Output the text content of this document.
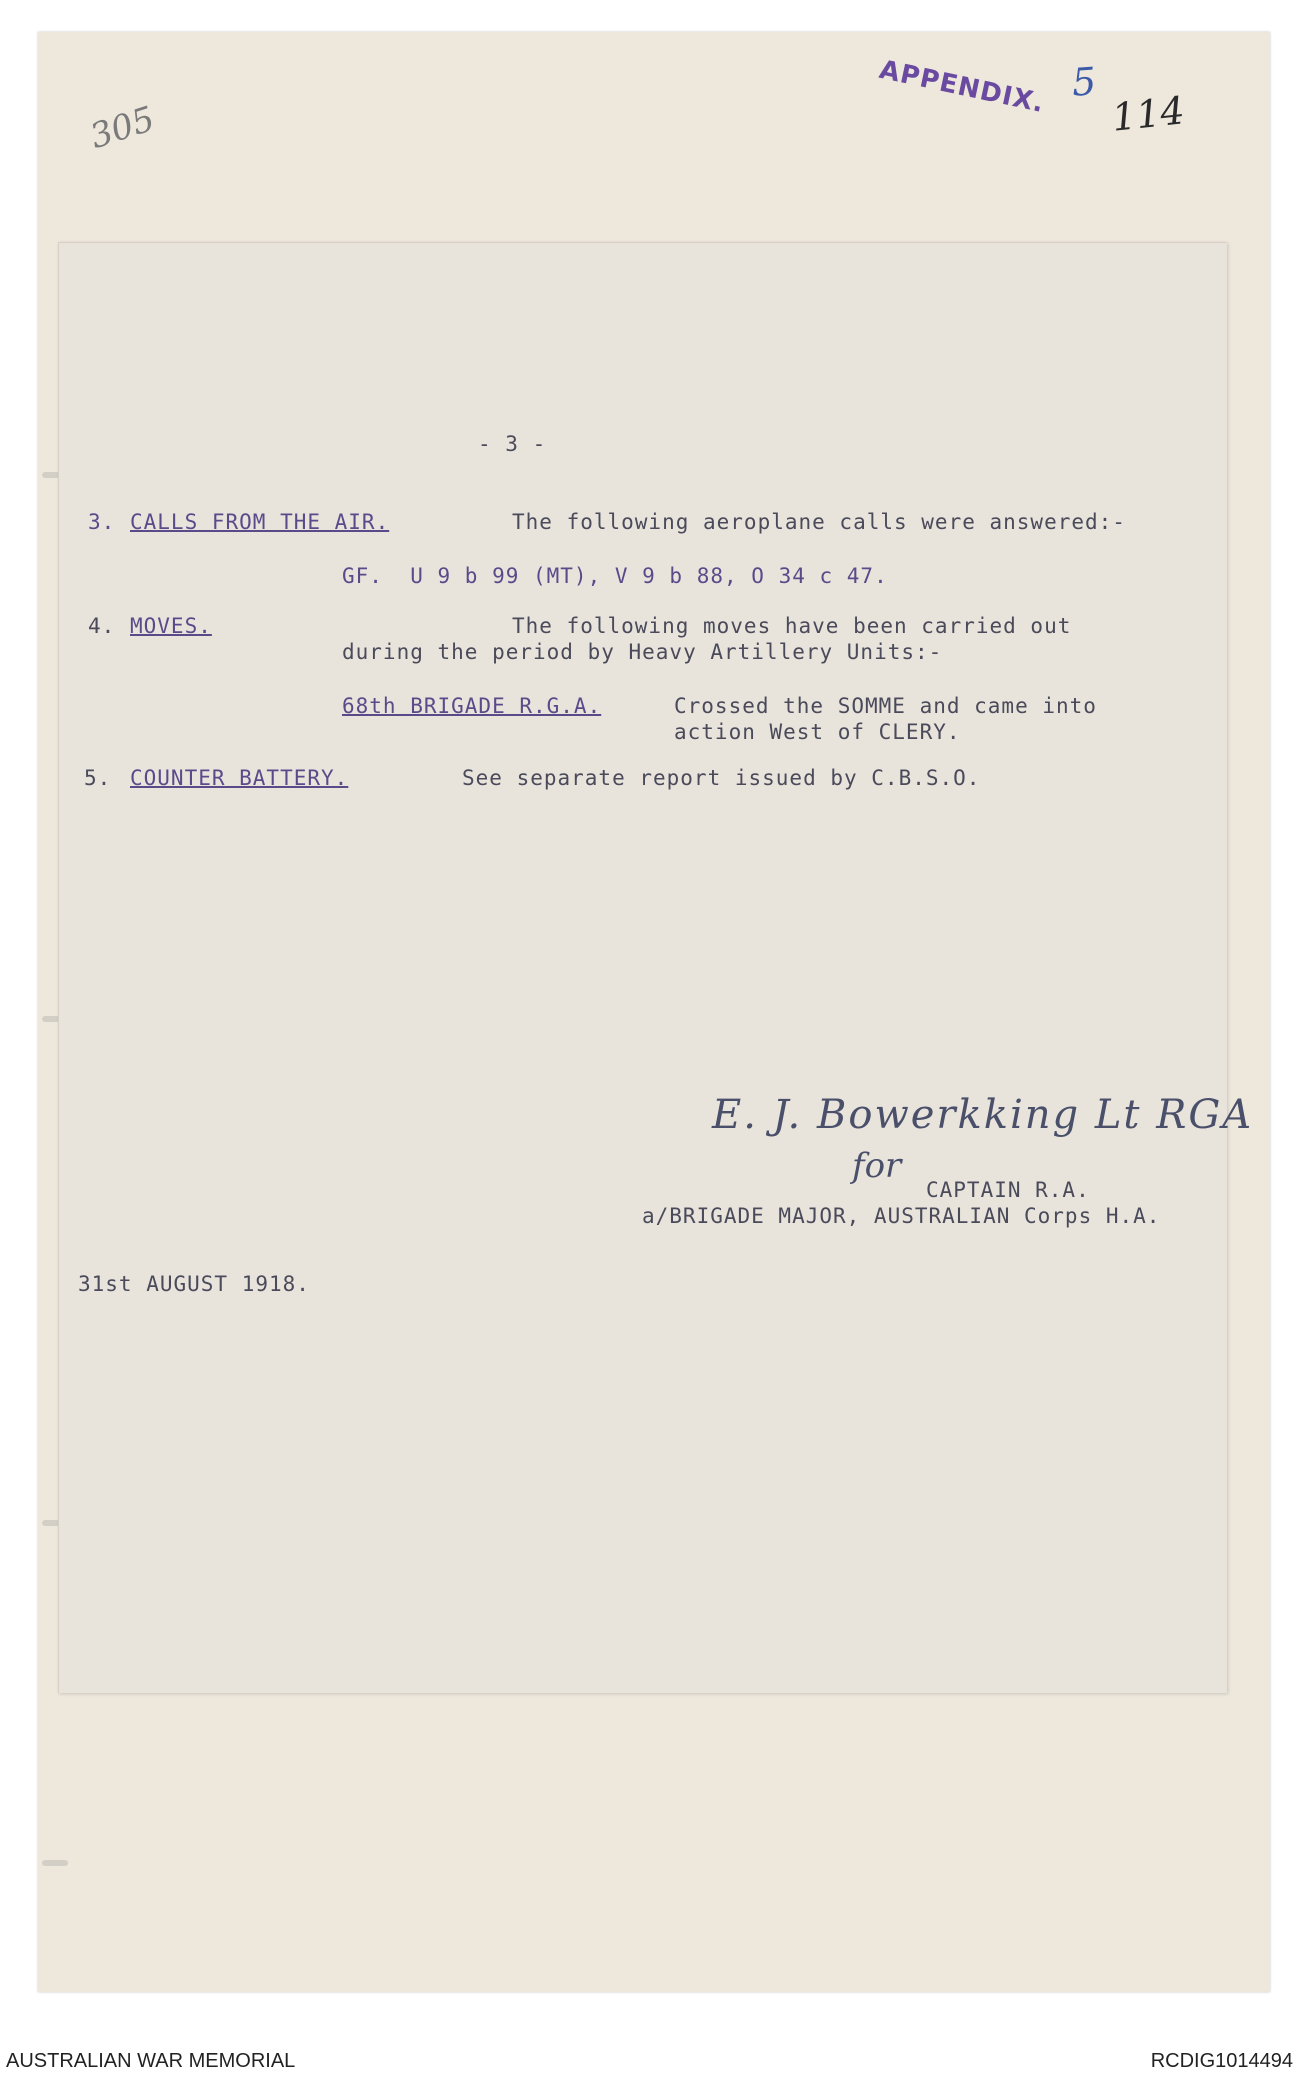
APPENDIX. 5
114
305
- 3 -
3. CALLS FROM THE AIR.	The following aeroplane calls were answered:-
GF.  U 9 b 99 (MT), V 9 b 88, O 34 c 47.
4. MOVES.	The following moves have been carried out
during the period by Heavy Artillery Units:-
68th BRIGADE R.G.A.	Crossed the SOMME and came into
action West of CLERY.
5. COUNTER BATTERY.	See separate report issued by C.B.S.O.
E. J. Bowerkking Lt RGA
for
CAPTAIN R.A.
a/BRIGADE MAJOR, AUSTRALIAN Corps H.A.
31st AUGUST 1918.
AUSTRALIAN WAR MEMORIAL	RCDIG1014494
